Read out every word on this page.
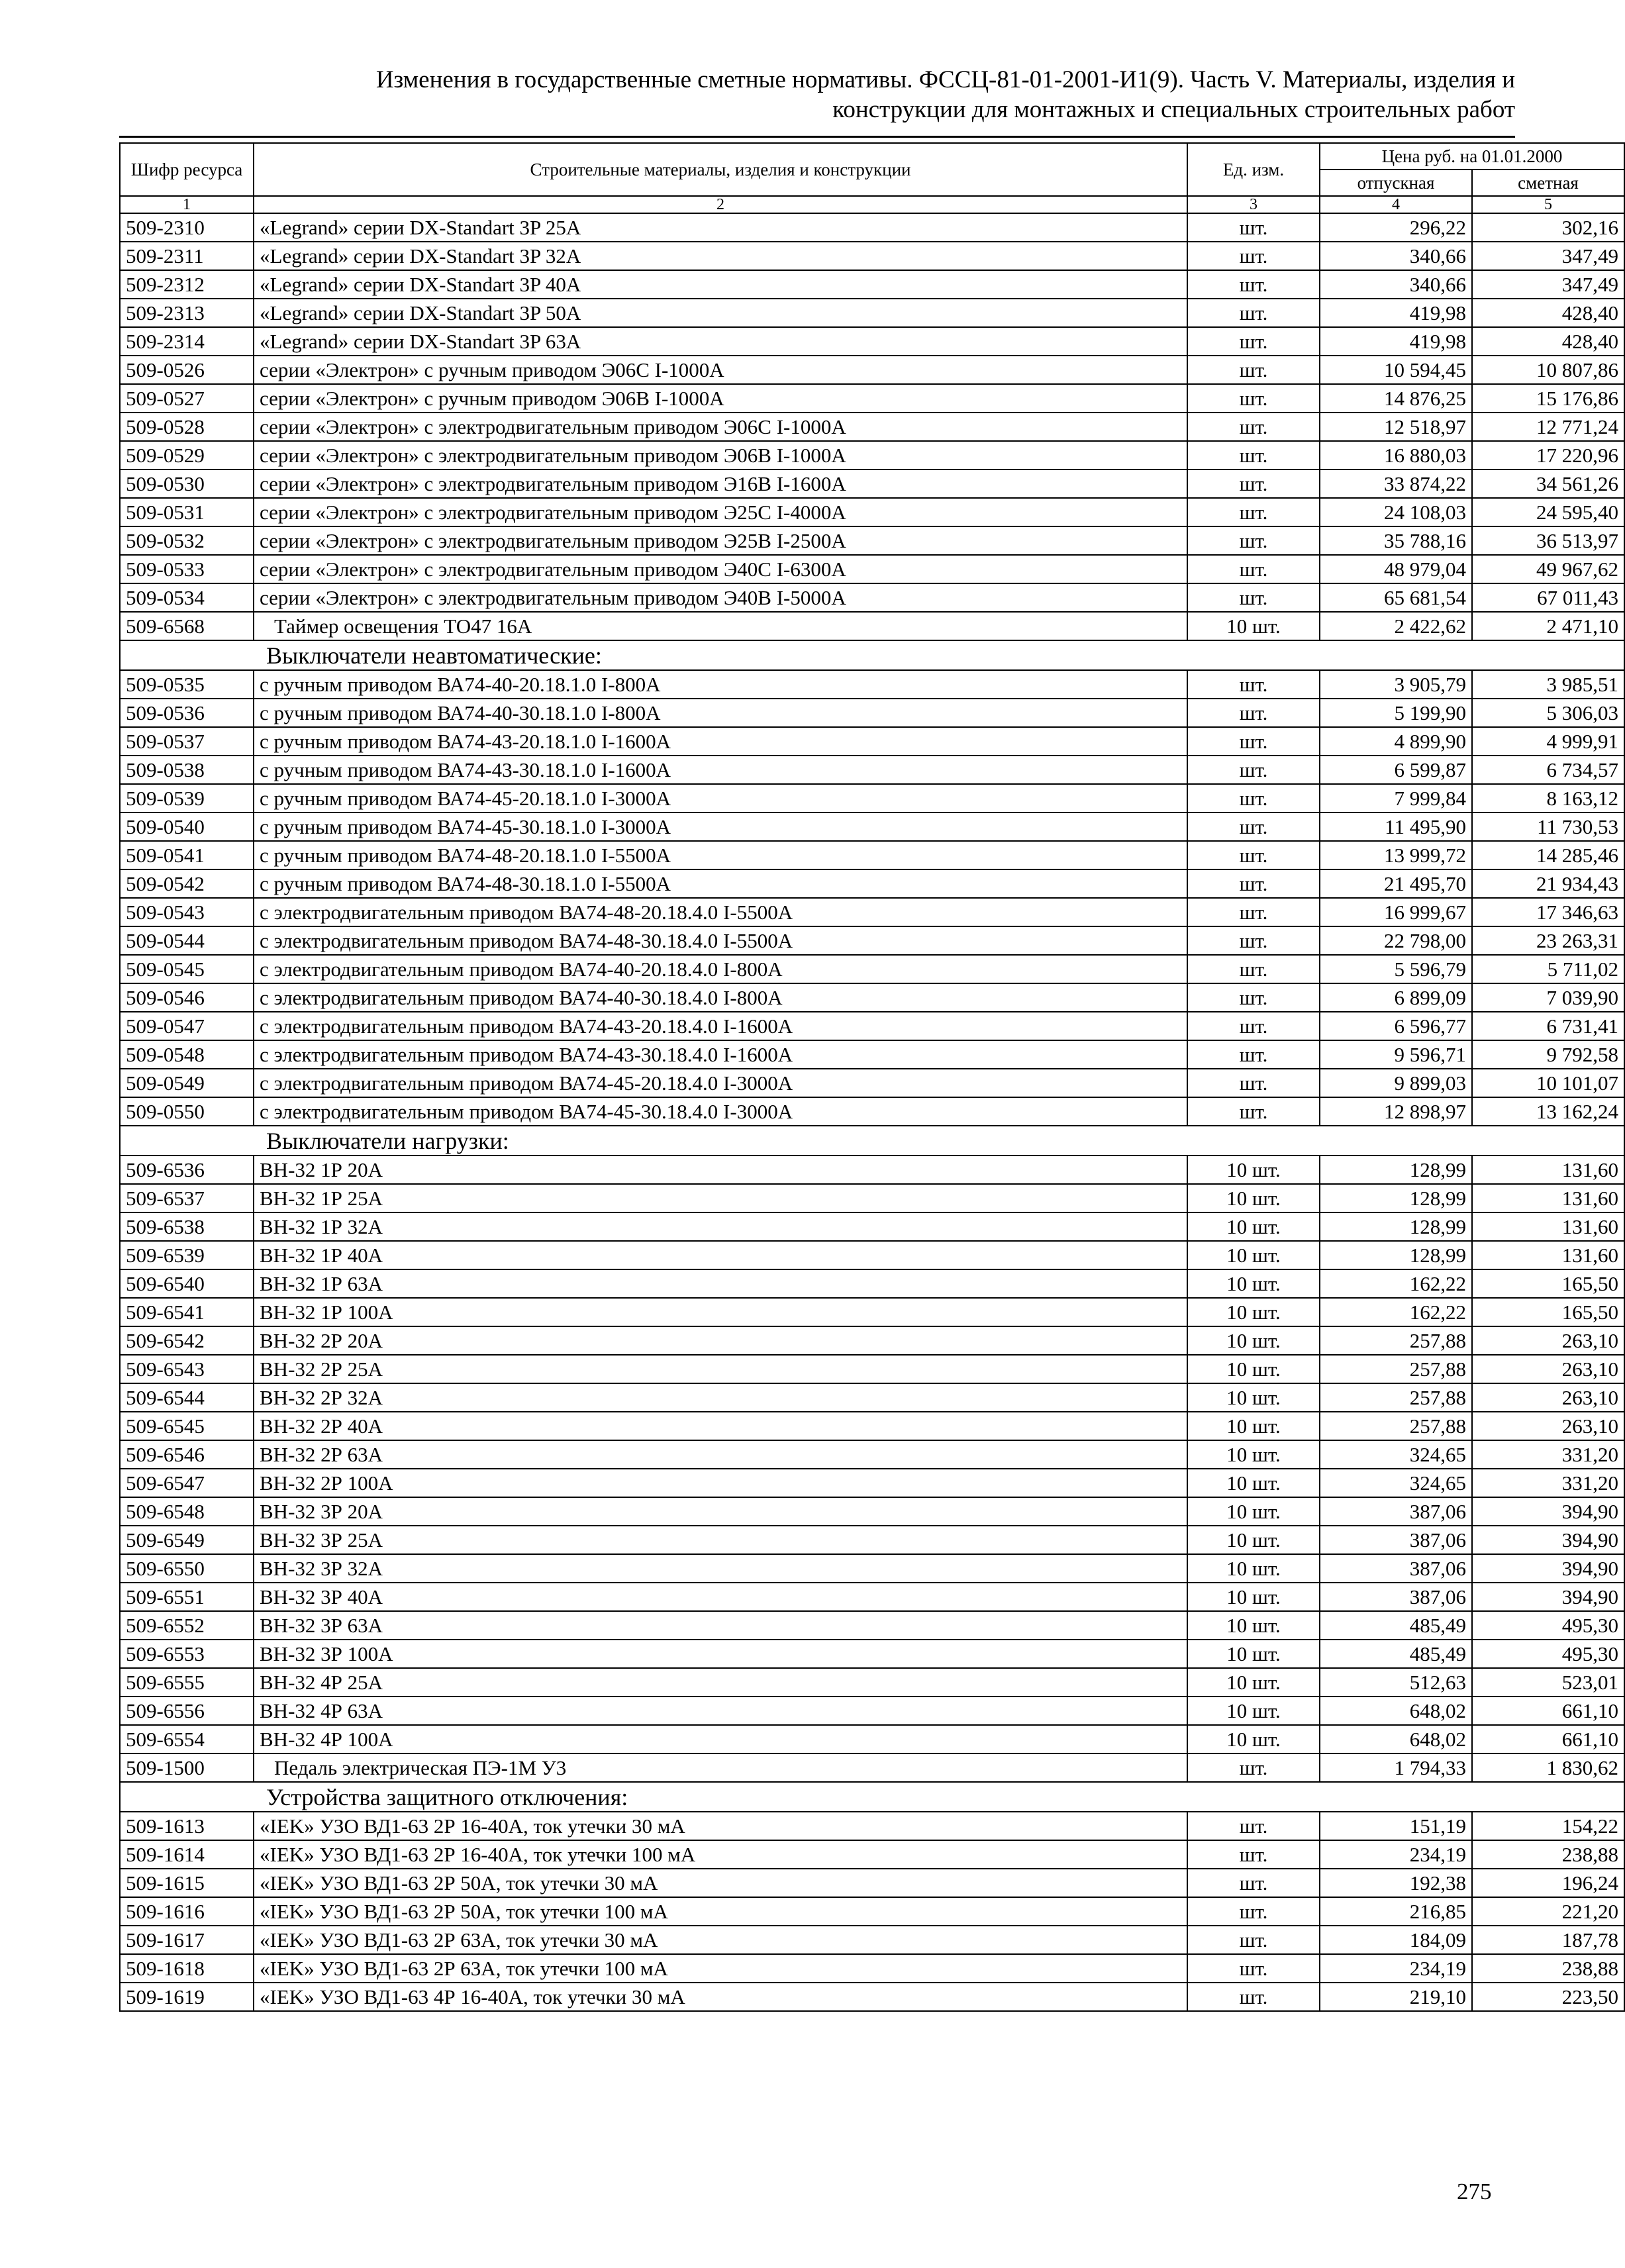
Изменения в государственные сметные нормативы. ФССЦ-81-01-2001-И1(9). Часть V. Материалы, изделия и
конструкции для монтажных и специальных строительных работ
Шифр ресурса	Строительные материалы, изделия и конструкции	Ед. изм.	Цена руб. на 01.01.2000	
			отпускная	сметная
1	2	3	4	5
509-2310	«Legrand» серии DX-Standart 3P 25A	шт.	296,22	302,16
509-2311	«Legrand» серии DX-Standart 3P 32A	шт.	340,66	347,49
509-2312	«Legrand» серии DX-Standart 3P 40A	шт.	340,66	347,49
509-2313	«Legrand» серии DX-Standart 3P 50A	шт.	419,98	428,40
509-2314	«Legrand» серии DX-Standart 3P 63A	шт.	419,98	428,40
509-0526	серии «Электрон» с ручным приводом Э06С I-1000А	шт.	10 594,45	10 807,86
509-0527	серии «Электрон» с ручным приводом Э06В I-1000А	шт.	14 876,25	15 176,86
509-0528	серии «Электрон» с электродвигательным приводом Э06С I-1000А	шт.	12 518,97	12 771,24
509-0529	серии «Электрон» с электродвигательным приводом Э06В I-1000А	шт.	16 880,03	17 220,96
509-0530	серии «Электрон» с электродвигательным приводом Э16В I-1600А	шт.	33 874,22	34 561,26
509-0531	серии «Электрон» с электродвигательным приводом Э25С I-4000А	шт.	24 108,03	24 595,40
509-0532	серии «Электрон» с электродвигательным приводом Э25В I-2500А	шт.	35 788,16	36 513,97
509-0533	серии «Электрон» с электродвигательным приводом Э40С I-6300А	шт.	48 979,04	49 967,62
509-0534	серии «Электрон» с электродвигательным приводом Э40В I-5000А	шт.	65 681,54	67 011,43
509-6568	Таймер освещения ТО47 16А	10 шт.	2 422,62	2 471,10
Выключатели неавтоматические:				
509-0535	с ручным приводом ВА74-40-20.18.1.0 I-800А	шт.	3 905,79	3 985,51
509-0536	с ручным приводом ВА74-40-30.18.1.0 I-800А	шт.	5 199,90	5 306,03
509-0537	с ручным приводом ВА74-43-20.18.1.0 I-1600А	шт.	4 899,90	4 999,91
509-0538	с ручным приводом ВА74-43-30.18.1.0 I-1600А	шт.	6 599,87	6 734,57
509-0539	с ручным приводом ВА74-45-20.18.1.0 I-3000А	шт.	7 999,84	8 163,12
509-0540	с ручным приводом ВА74-45-30.18.1.0 I-3000А	шт.	11 495,90	11 730,53
509-0541	с ручным приводом ВА74-48-20.18.1.0 I-5500А	шт.	13 999,72	14 285,46
509-0542	с ручным приводом ВА74-48-30.18.1.0 I-5500А	шт.	21 495,70	21 934,43
509-0543	с электродвигательным приводом ВА74-48-20.18.4.0 I-5500А	шт.	16 999,67	17 346,63
509-0544	с электродвигательным приводом ВА74-48-30.18.4.0 I-5500А	шт.	22 798,00	23 263,31
509-0545	с электродвигательным приводом ВА74-40-20.18.4.0 I-800А	шт.	5 596,79	5 711,02
509-0546	с электродвигательным приводом ВА74-40-30.18.4.0 I-800А	шт.	6 899,09	7 039,90
509-0547	с электродвигательным приводом ВА74-43-20.18.4.0 I-1600А	шт.	6 596,77	6 731,41
509-0548	с электродвигательным приводом ВА74-43-30.18.4.0 I-1600А	шт.	9 596,71	9 792,58
509-0549	с электродвигательным приводом ВА74-45-20.18.4.0 I-3000А	шт.	9 899,03	10 101,07
509-0550	с электродвигательным приводом ВА74-45-30.18.4.0 I-3000А	шт.	12 898,97	13 162,24
Выключатели нагрузки:				
509-6536	ВН-32 1Р 20А	10 шт.	128,99	131,60
509-6537	ВН-32 1Р 25А	10 шт.	128,99	131,60
509-6538	ВН-32 1Р 32А	10 шт.	128,99	131,60
509-6539	ВН-32 1Р 40А	10 шт.	128,99	131,60
509-6540	ВН-32 1Р 63А	10 шт.	162,22	165,50
509-6541	ВН-32 1Р 100А	10 шт.	162,22	165,50
509-6542	ВН-32 2Р 20А	10 шт.	257,88	263,10
509-6543	ВН-32 2Р 25А	10 шт.	257,88	263,10
509-6544	ВН-32 2Р 32А	10 шт.	257,88	263,10
509-6545	ВН-32 2Р 40А	10 шт.	257,88	263,10
509-6546	ВН-32 2Р 63А	10 шт.	324,65	331,20
509-6547	ВН-32 2Р 100А	10 шт.	324,65	331,20
509-6548	ВН-32 3Р 20А	10 шт.	387,06	394,90
509-6549	ВН-32 3Р 25А	10 шт.	387,06	394,90
509-6550	ВН-32 3Р 32А	10 шт.	387,06	394,90
509-6551	ВН-32 3Р 40А	10 шт.	387,06	394,90
509-6552	ВН-32 3Р 63А	10 шт.	485,49	495,30
509-6553	ВН-32 3Р 100А	10 шт.	485,49	495,30
509-6555	ВН-32 4Р 25А	10 шт.	512,63	523,01
509-6556	ВН-32 4Р 63А	10 шт.	648,02	661,10
509-6554	ВН-32 4Р 100А	10 шт.	648,02	661,10
509-1500	Педаль электрическая ПЭ-1М У3	шт.	1 794,33	1 830,62
Устройства защитного отключения:				
509-1613	«IEK» УЗО ВД1-63 2Р 16-40А, ток утечки 30 мА	шт.	151,19	154,22
509-1614	«IEK» УЗО ВД1-63 2Р 16-40А, ток утечки 100 мА	шт.	234,19	238,88
509-1615	«IEK» УЗО ВД1-63 2Р 50А, ток утечки 30 мА	шт.	192,38	196,24
509-1616	«IEK» УЗО ВД1-63 2Р 50А, ток утечки 100 мА	шт.	216,85	221,20
509-1617	«IEK» УЗО ВД1-63 2Р 63А, ток утечки 30 мА	шт.	184,09	187,78
509-1618	«IEK» УЗО ВД1-63 2Р 63А, ток утечки 100 мА	шт.	234,19	238,88
509-1619	«IEK» УЗО ВД1-63 4Р 16-40А, ток утечки 30 мА	шт.	219,10	223,50
275
